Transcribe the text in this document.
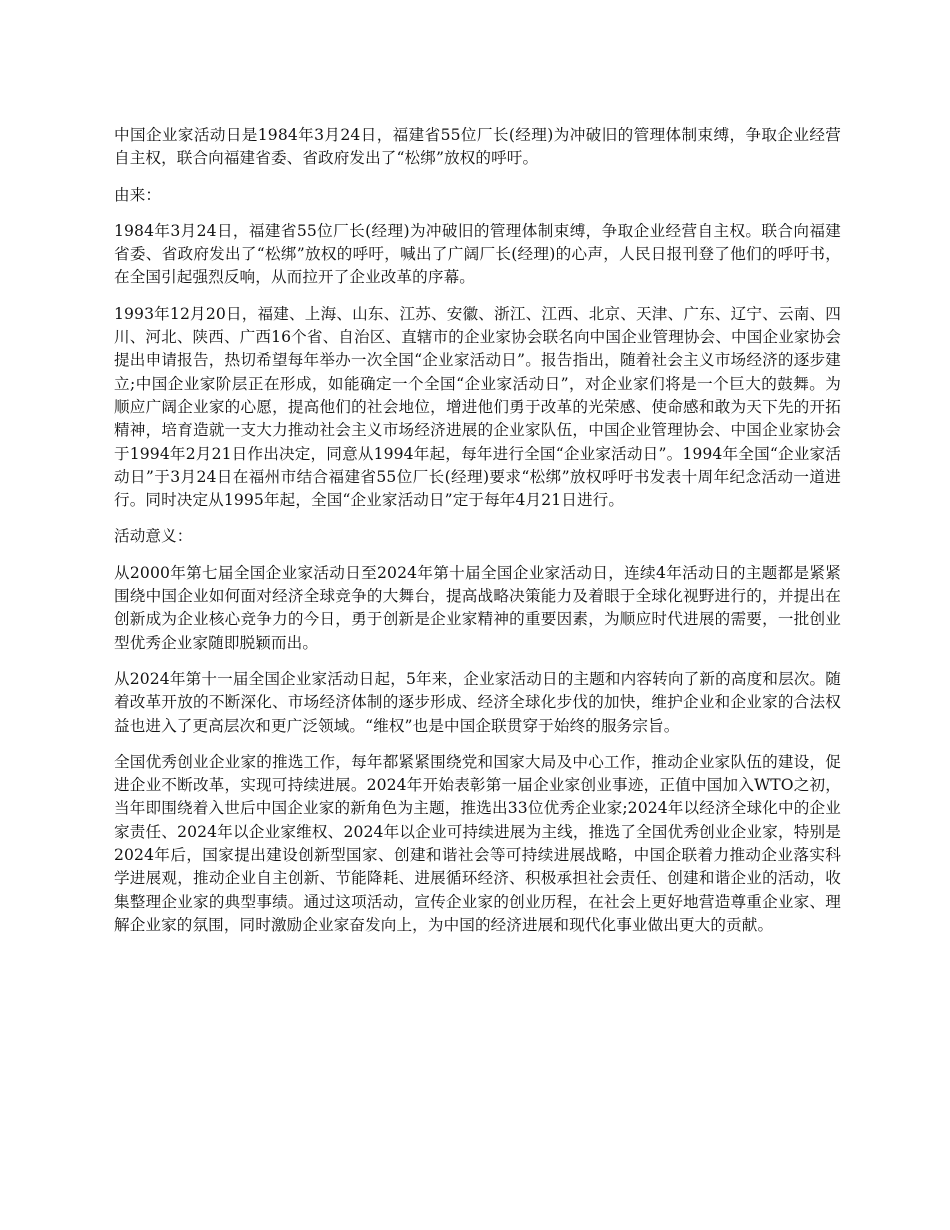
中国企业家活动日是1984年3月24日，福建省55位厂长(经理)为冲破旧的管理体制束缚，争取企业经营自主权，联合向福建省委、省政府发出了“松绑”放权的呼吁。

由来：

1984年3月24日，福建省55位厂长(经理)为冲破旧的管理体制束缚，争取企业经营自主权。联合向福建省委、省政府发出了“松绑”放权的呼吁，喊出了广阔厂长(经理)的心声，人民日报刊登了他们的呼吁书，在全国引起强烈反响，从而拉开了企业改革的序幕。

1993年12月20日，福建、上海、山东、江苏、安徽、浙江、江西、北京、天津、广东、辽宁、云南、四川、河北、陕西、广西16个省、自治区、直辖市的企业家协会联名向中国企业管理协会、中国企业家协会提出申请报告，热切希望每年举办一次全国“企业家活动日”。报告指出，随着社会主义市场经济的逐步建立;中国企业家阶层正在形成，如能确定一个全国“企业家活动日”，对企业家们将是一个巨大的鼓舞。为顺应广阔企业家的心愿，提高他们的社会地位，增进他们勇于改革的光荣感、使命感和敢为天下先的开拓精神，培育造就一支大力推动社会主义市场经济进展的企业家队伍，中国企业管理协会、中国企业家协会于1994年2月21日作出决定，同意从1994年起，每年进行全国“企业家活动日”。1994年全国“企业家活动日”于3月24日在福州市结合福建省55位厂长(经理)要求“松绑”放权呼吁书发表十周年纪念活动一道进行。同时决定从1995年起，全国“企业家活动日”定于每年4月21日进行。

活动意义：

从2000年第七届全国企业家活动日至2024年第十届全国企业家活动日，连续4年活动日的主题都是紧紧围绕中国企业如何面对经济全球竞争的大舞台，提高战略决策能力及着眼于全球化视野进行的，并提出在创新成为企业核心竞争力的今日，勇于创新是企业家精神的重要因素，为顺应时代进展的需要，一批创业型优秀企业家随即脱颖而出。

从2024年第十一届全国企业家活动日起，5年来，企业家活动日的主题和内容转向了新的高度和层次。随着改革开放的不断深化、市场经济体制的逐步形成、经济全球化步伐的加快，维护企业和企业家的合法权益也进入了更高层次和更广泛领域。“维权”也是中国企联贯穿于始终的服务宗旨。

全国优秀创业企业家的推选工作，每年都紧紧围绕党和国家大局及中心工作，推动企业家队伍的建设，促进企业不断改革，实现可持续进展。2024年开始表彰第一届企业家创业事迹，正值中国加入WTO之初，当年即围绕着入世后中国企业家的新角色为主题，推选出33位优秀企业家;2024年以经济全球化中的企业家责任、2024年以企业家维权、2024年以企业可持续进展为主线，推选了全国优秀创业企业家，特别是2024年后，国家提出建设创新型国家、创建和谐社会等可持续进展战略，中国企联着力推动企业落实科学进展观，推动企业自主创新、节能降耗、进展循环经济、积极承担社会责任、创建和谐企业的活动，收集整理企业家的典型事绩。通过这项活动，宣传企业家的创业历程，在社会上更好地营造尊重企业家、理解企业家的氛围，同时激励企业家奋发向上，为中国的经济进展和现代化事业做出更大的贡献。
